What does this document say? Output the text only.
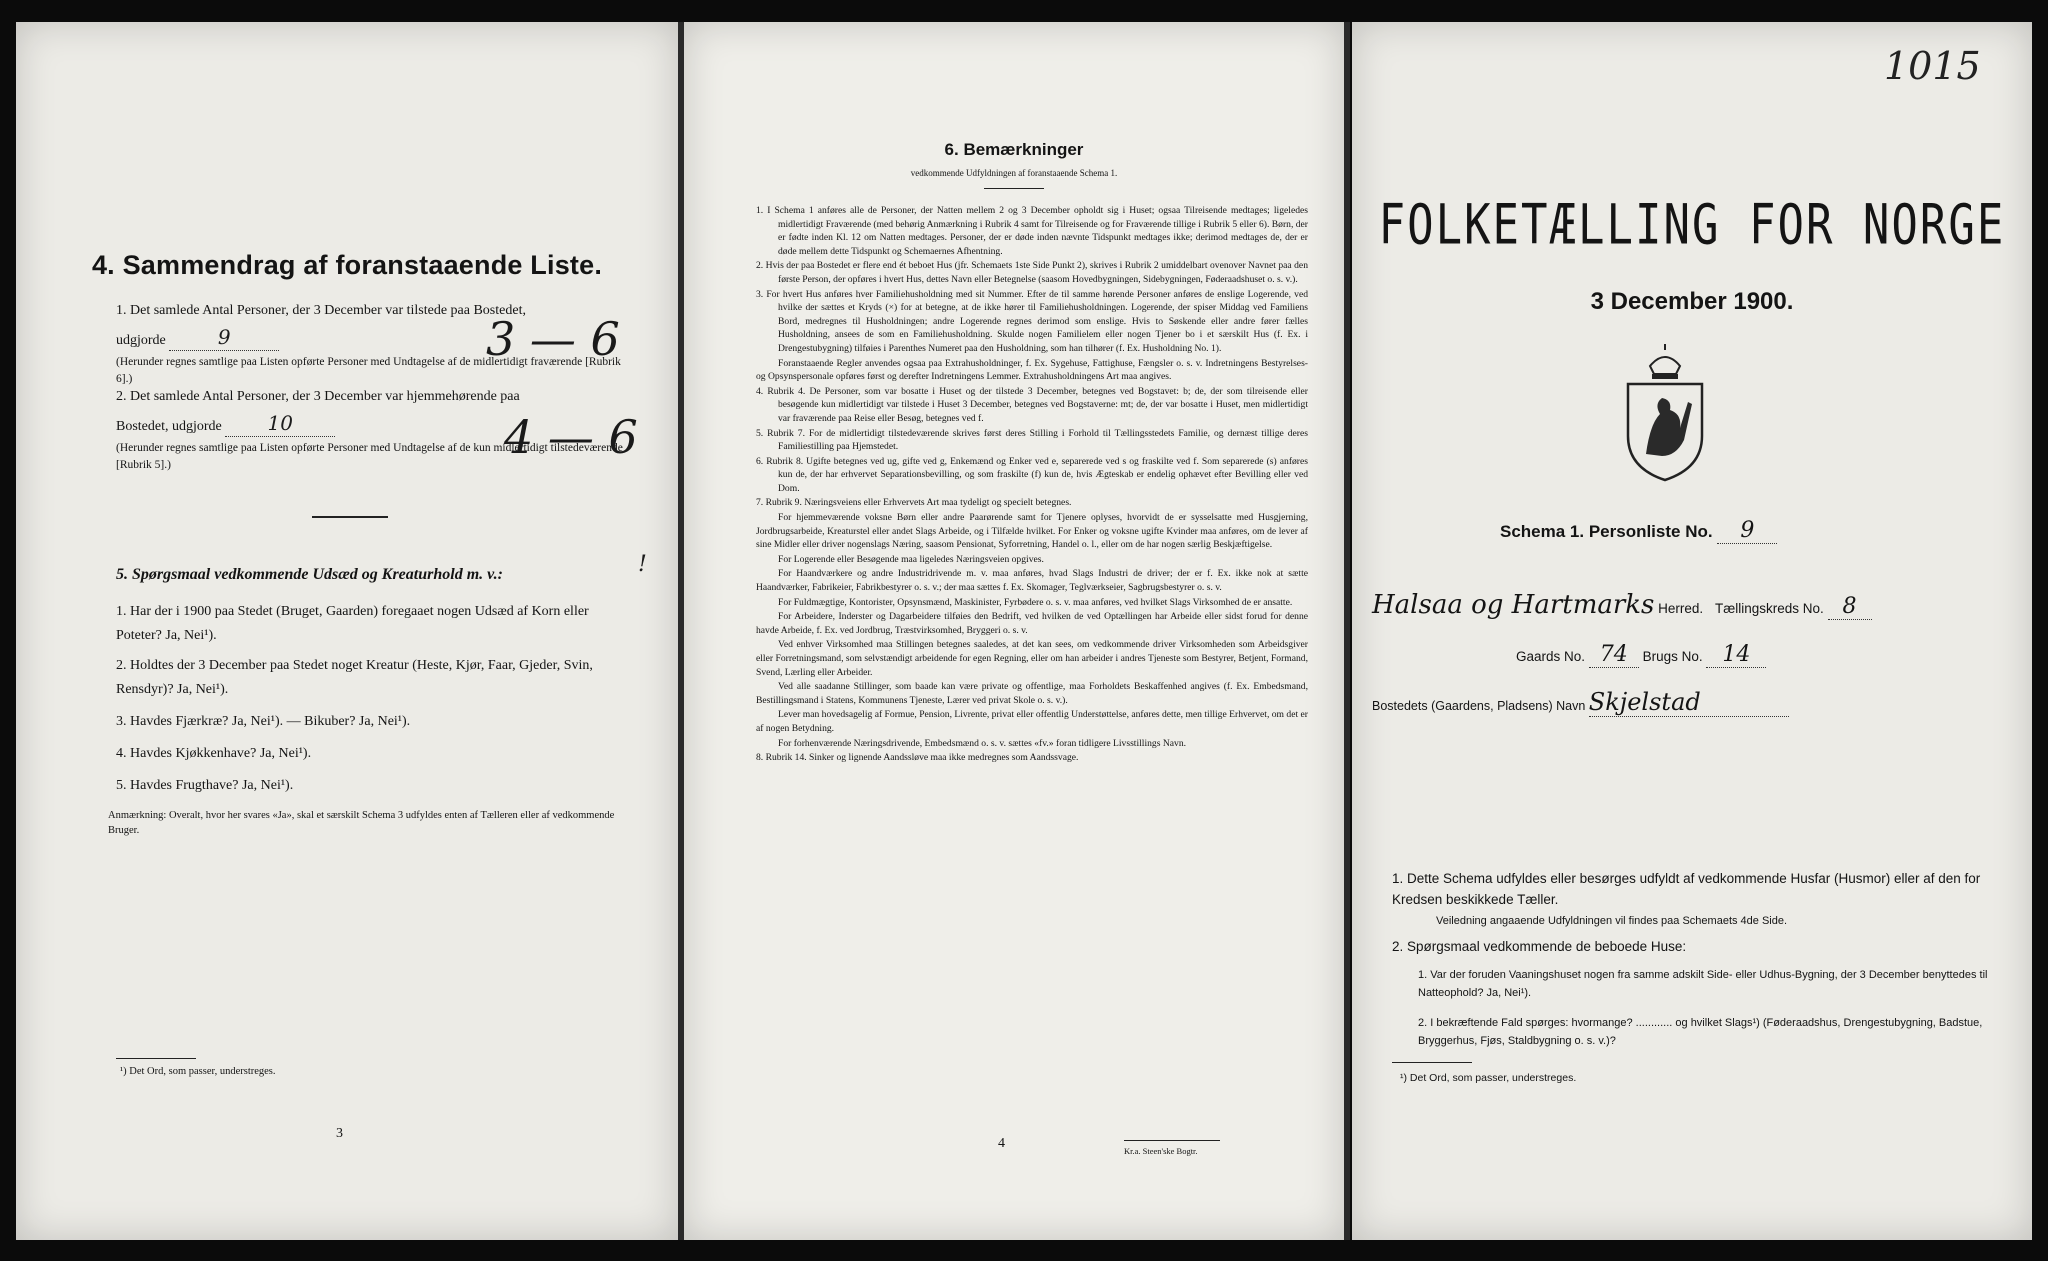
4. Sammendrag af foranstaaende Liste.
1. Det samlede Antal Personer, der 3 December var tilstede paa Bostedet,
udgjorde	9
(Herunder regnes samtlige paa Listen opførte Personer med Undtagelse af de midlertidigt fraværende [Rubrik 6].)
3 — 6
2. Det samlede Antal Personer, der 3 December var hjemmehørende paa
Bostedet, udgjorde 10
(Herunder regnes samtlige paa Listen opførte Personer med Undtagelse af de kun midlertidigt tilstedeværende [Rubrik 5].)
4 — 6
5. Spørgsmaal vedkommende Udsæd og Kreaturhold m. v.:	!
1. Har der i 1900 paa Stedet (Bruget, Gaarden) foregaaet nogen Udsæd af Korn eller Poteter? Ja, Nei¹).
2. Holdtes der 3 December paa Stedet noget Kreatur (Heste, Kjør, Faar, Gjeder, Svin, Rensdyr)? Ja, Nei¹).
3. Havdes Fjærkræ? Ja, Nei¹). — Bikuber? Ja, Nei¹).
4. Havdes Kjøkkenhave? Ja, Nei¹).
5. Havdes Frugthave? Ja, Nei¹).
Anmærkning: Overalt, hvor her svares «Ja», skal et særskilt Schema 3 udfyldes enten af Tælleren eller af vedkommende Bruger.
¹) Det Ord, som passer, understreges.
3
6. Bemærkninger
vedkommende Udfyldningen af foranstaaende Schema 1.

1. I Schema 1 anføres alle de Personer, der Natten mellem 2 og 3 December opholdt sig i Huset; ogsaa Tilreisende medtages; ligeledes midlertidigt Fraværende (med behørig Anmærkning i Rubrik 4 samt for Tilreisende og for Fraværende tillige i Rubrik 5 eller 6). Børn, der er fødte inden Kl. 12 om Natten medtages. Personer, der er døde inden nævnte Tidspunkt medtages ikke; derimod medtages de, der er døde mellem dette Tidspunkt og Schemaernes Afhentning.

2. Hvis der paa Bostedet er flere end ét beboet Hus (jfr. Schemaets 1ste Side Punkt 2), skrives i Rubrik 2 umiddelbart ovenover Navnet paa den første Person, der opføres i hvert Hus, dettes Navn eller Betegnelse (saasom Hovedbygningen, Sidebygningen, Føderaadshuset o. s. v.).

3. For hvert Hus anføres hver Familiehusholdning med sit Nummer. Efter de til samme hørende Personer anføres de enslige Logerende, ved hvilke der sættes et Kryds (×) for at betegne, at de ikke hører til Familiehusholdningen. Logerende, der spiser Middag ved Familiens Bord, medregnes til Husholdningen; andre Logerende regnes derimod som enslige. Hvis to Søskende eller andre fører fælles Husholdning, ansees de som en Familiehusholdning. Skulde nogen Familielem eller nogen Tjener bo i et særskilt Hus (f. Ex. i Drengestubygning) tilføies i Parenthes Numeret paa den Husholdning, som han tilhører (f. Ex. Husholdning No. 1).

Foranstaaende Regler anvendes ogsaa paa Extrahusholdninger, f. Ex. Sygehuse, Fattighuse, Fængsler o. s. v. Indretningens Bestyrelses- og Opsynspersonale opføres først og derefter Indretningens Lemmer. Extrahusholdningens Art maa angives.

4. Rubrik 4. De Personer, som var bosatte i Huset og der tilstede 3 December, betegnes ved Bogstavet: b; de, der som tilreisende eller besøgende kun midlertidigt var tilstede i Huset 3 December, betegnes ved Bogstaverne: mt; de, der var bosatte i Huset, men midlertidigt var fraværende paa Reise eller Besøg, betegnes ved f.

5. Rubrik 7. For de midlertidigt tilstedeværende skrives først deres Stilling i Forhold til Tællingsstedets Familie, og dernæst tillige deres Familiestilling paa Hjemstedet.

6. Rubrik 8. Ugifte betegnes ved ug, gifte ved g, Enkemænd og Enker ved e, separerede ved s og fraskilte ved f. Som separerede (s) anføres kun de, der har erhvervet Separationsbevilling, og som fraskilte (f) kun de, hvis Ægteskab er endelig ophævet efter Bevilling eller ved Dom.

7. Rubrik 9. Næringsveiens eller Erhvervets Art maa tydeligt og specielt betegnes.

For hjemmeværende voksne Børn eller andre Paarørende samt for Tjenere oplyses, hvorvidt de er sysselsatte med Husgjerning, Jordbrugsarbeide, Kreaturstel eller andet Slags Arbeide, og i Tilfælde hvilket. For Enker og voksne ugifte Kvinder maa anføres, om de lever af sine Midler eller driver nogenslags Næring, saasom Pensionat, Syforretning, Handel o. l., eller om de har nogen særlig Beskjæftigelse.

For Logerende eller Besøgende maa ligeledes Næringsveien opgives.

For Haandværkere og andre Industridrivende m. v. maa anføres, hvad Slags Industri de driver; der er f. Ex. ikke nok at sætte Haandværker, Fabrikeier, Fabrikbestyrer o. s. v.; der maa sættes f. Ex. Skomager, Teglværkseier, Sagbrugsbestyrer o. s. v.

For Fuldmægtige, Kontorister, Opsynsmænd, Maskinister, Fyrbødere o. s. v. maa anføres, ved hvilket Slags Virksomhed de er ansatte.

For Arbeidere, Inderster og Dagarbeidere tilføies den Bedrift, ved hvilken de ved Optællingen har Arbeide eller sidst forud for denne havde Arbeide, f. Ex. ved Jordbrug, Træstvirksomhed, Bryggeri o. s. v.

Ved enhver Virksomhed maa Stillingen betegnes saaledes, at det kan sees, om vedkommende driver Virksomheden som Arbeidsgiver eller Forretningsmand, som selvstændigt arbeidende for egen Regning, eller om han arbeider i andres Tjeneste som Bestyrer, Betjent, Formand, Svend, Lærling eller Arbeider.

Ved alle saadanne Stillinger, som baade kan være private og offentlige, maa Forholdets Beskaffenhed angives (f. Ex. Embedsmand, Bestillingsmand i Statens, Kommunens Tjeneste, Lærer ved privat Skole o. s. v.).

Lever man hovedsagelig af Formue, Pension, Livrente, privat eller offentlig Understøttelse, anføres dette, men tillige Erhvervet, om det er af nogen Betydning.

For forhenværende Næringsdrivende, Embedsmænd o. s. v. sættes «fv.» foran tidligere Livsstillings Navn.

8. Rubrik 14. Sinker og lignende Aandssløve maa ikke medregnes som Aandssvage.

4	Kr.a. Steen'ske Bogtr.
1015
FOLKETÆLLING FOR NORGE
3 December 1900.
Schema 1. Personliste No. 9
Halsaa og Hartmarks Herred. Tællingskreds No. 8
Gaards No. 74 Brugs No. 14
Bostedets (Gaardens, Pladsens) Navn Skjelstad
1. Dette Schema udfyldes eller besørges udfyldt af vedkommende Husfar (Husmor) eller af den for Kredsen beskikkede Tæller.
Veiledning angaaende Udfyldningen vil findes paa Schemaets 4de Side.
2. Spørgsmaal vedkommende de beboede Huse:
1. Var der foruden Vaaningshuset nogen fra samme adskilt Side- eller Udhus-Bygning, der 3 December benyttedes til Natteophold? Ja, Nei¹).
2. I bekræftende Fald spørges: hvormange? ............ og hvilket Slags¹) (Føderaadshus, Drengestubygning, Badstue, Bryggerhus, Fjøs, Staldbygning o. s. v.)?
¹) Det Ord, som passer, understreges.
